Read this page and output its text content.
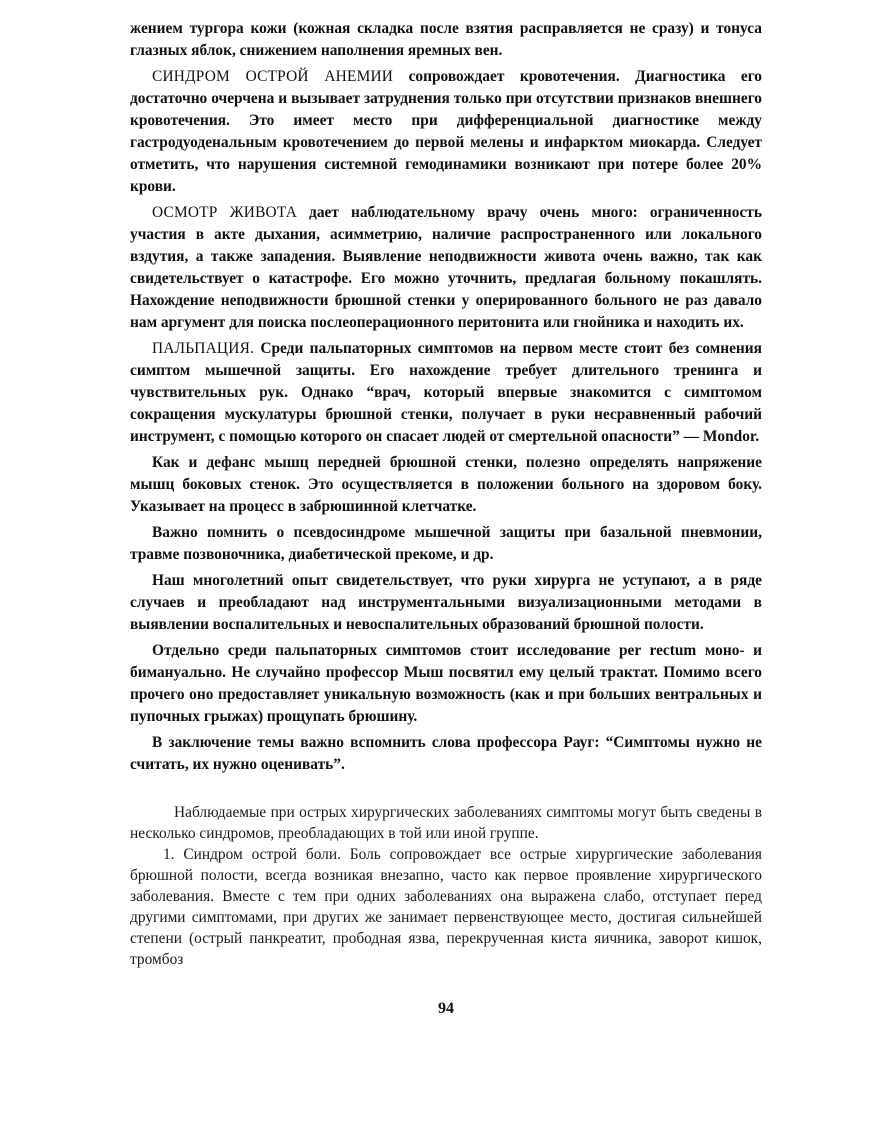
жением тургора кожи (кожная складка после взятия расправляется не сразу) и тонуса глазных яблок, снижением наполнения яремных вен.

СИНДРОМ ОСТРОЙ АНЕМИИ сопровождает кровотечения. Диагностика его достаточно очерчена и вызывает затруднения только при отсутствии признаков внешнего кровотечения. Это имеет место при дифференциальной диагностике между гастродуоденальным кровотечением до первой мелены и инфарктом миокарда. Следует отметить, что нарушения системной гемодинамики возникают при потере более 20% крови.

ОСМОТР ЖИВОТА дает наблюдательному врачу очень много: ограниченность участия в акте дыхания, асимметрию, наличие распространенного или локального вздутия, а также западения. Выявление неподвижности живота очень важно, так как свидетельствует о катастрофе. Его можно уточнить, предлагая больному покашлять. Нахождение неподвижности брюшной стенки у оперированного больного не раз давало нам аргумент для поиска послеоперационного перитонита или гнойника и находить их.

ПАЛЬПАЦИЯ. Среди пальпаторных симптомов на первом месте стоит без сомнения симптом мышечной защиты. Его нахождение требует длительного тренинга и чувствительных рук. Однако “врач, который впервые знакомится с симптомом сокращения мускулатуры брюшной стенки, получает в руки несравненный рабочий инструмент, с помощью которого он спасает людей от смертельной опасности” — Mondor.

Как и дефанс мышц передней брюшной стенки, полезно определять напряжение мышц боковых стенок. Это осуществляется в положении больного на здоровом боку. Указывает на процесс в забрюшинной клетчатке.

Важно помнить о псевдосиндроме мышечной защиты при базальной пневмонии, травме позвоночника, диабетической прекоме, и др.

Наш многолетний опыт свидетельствует, что руки хирурга не уступают, а в ряде случаев и преобладают над инструментальными визуализационными методами в выявлении воспалительных и невоспалительных образований брюшной полости.

Отдельно среди пальпаторных симптомов стоит исследование per rectum моно- и бимануально. Не случайно профессор Мыш посвятил ему целый трактат. Помимо всего прочего оно предоставляет уникальную возможность (как и при больших вентральных и пупочных грыжах) прощупать брюшину.

В заключение темы важно вспомнить слова профессора Рауг: “Симптомы нужно не считать, их нужно оценивать”.

Наблюдаемые при острых хирургических заболеваниях симптомы могут быть сведены в несколько синдромов, преобладающих в той или иной группе.

1. Синдром острой боли. Боль сопровождает все острые хирургические заболевания брюшной полости, всегда возникая внезапно, часто как первое проявление хирургического заболевания. Вместе с тем при одних заболеваниях она выражена слабо, отступает перед другими симптомами, при других же занимает первенствующее место, достигая сильнейшей степени (острый панкреатит, прободная язва, перекрученная киста яичника, заворот кишок, тромбоз

94
